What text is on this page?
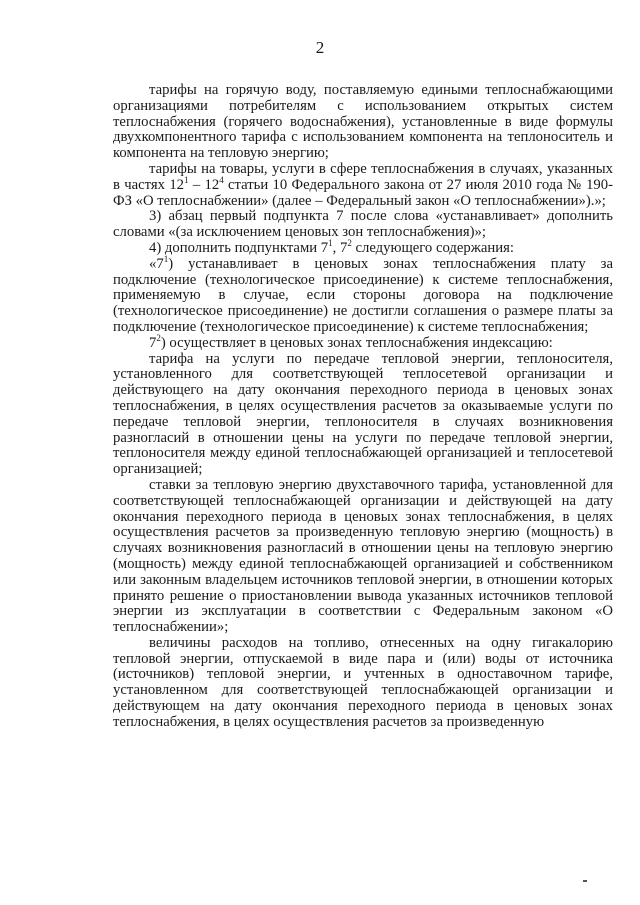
2

тарифы на горячую воду, поставляемую едиными теплоснабжающими организациями потребителям с использованием открытых систем теплоснабжения (горячего водоснабжения), установленные в виде формулы двухкомпонентного тарифа с использованием компонента на теплоноситель и компонента на тепловую энергию;

тарифы на товары, услуги в сфере теплоснабжения в случаях, указанных в частях $12^1 - 12^4$ статьи 10 Федерального закона от 27 июля 2010 года № 190-ФЗ «О теплоснабжении» (далее – Федеральный закон «О теплоснабжении»).»;

3) абзац первый подпункта 7 после слова «устанавливает» дополнить словами «(за исключением ценовых зон теплоснабжения)»;

4) дополнить подпунктами $7^1$, $7^2$ следующего содержания:

«$7^1$) устанавливает в ценовых зонах теплоснабжения плату за подключение (технологическое присоединение) к системе теплоснабжения, применяемую в случае, если стороны договора на подключение (технологическое присоединение) не достигли соглашения о размере платы за подключение (технологическое присоединение) к системе теплоснабжения;

$7^2$) осуществляет в ценовых зонах теплоснабжения индексацию:

тарифа на услуги по передаче тепловой энергии, теплоносителя, установленного для соответствующей теплосетевой организации и действующего на дату окончания переходного периода в ценовых зонах теплоснабжения, в целях осуществления расчетов за оказываемые услуги по передаче тепловой энергии, теплоносителя в случаях возникновения разногласий в отношении цены на услуги по передаче тепловой энергии, теплоносителя между единой теплоснабжающей организацией и теплосетевой организацией;

ставки за тепловую энергию двухставочного тарифа, установленной для соответствующей теплоснабжающей организации и действующей на дату окончания переходного периода в ценовых зонах теплоснабжения, в целях осуществления расчетов за произведенную тепловую энергию (мощность) в случаях возникновения разногласий в отношении цены на тепловую энергию (мощность) между единой теплоснабжающей организацией и собственником или законным владельцем источников тепловой энергии, в отношении которых принято решение о приостановлении вывода указанных источников тепловой энергии из эксплуатации в соответствии с Федеральным законом «О теплоснабжении»;

величины расходов на топливо, отнесенных на одну гигакалорию тепловой энергии, отпускаемой в виде пара и (или) воды от источника (источников) тепловой энергии, и учтенных в одноставочном тарифе, установленном для соответствующей теплоснабжающей организации и действующем на дату окончания переходного периода в ценовых зонах теплоснабжения, в целях осуществления расчетов за произведенную
